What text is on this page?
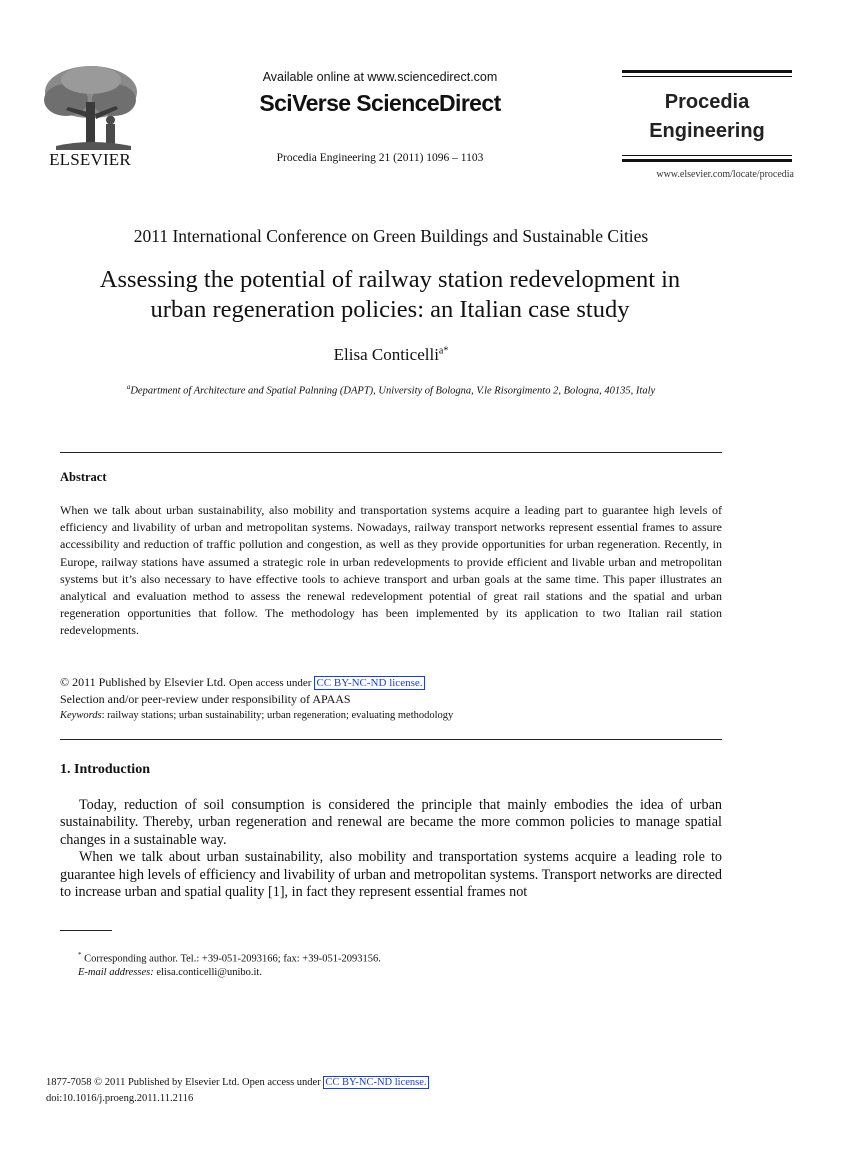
ELSEVIER
Available online at www.sciencedirect.com
SciVerse ScienceDirect
Procedia Engineering 21 (2011) 1096 – 1103
Procedia
Engineering
www.elsevier.com/locate/procedia
2011 International Conference on Green Buildings and Sustainable Cities
Assessing the potential of railway station redevelopment in
urban regeneration policies: an Italian case study
Elisa Conticelli$^{a*}$
$^a$Department of Architecture and Spatial Palnning (DAPT), University of Bologna, V.le Risorgimento 2, Bologna, 40135, Italy
Abstract
When we talk about urban sustainability, also mobility and transportation systems acquire a leading part to guarantee high levels of efficiency and livability of urban and metropolitan systems. Nowadays, railway transport networks represent essential frames to assure accessibility and reduction of traffic pollution and congestion, as well as they provide opportunities for urban regeneration. Recently, in Europe, railway stations have assumed a strategic role in urban redevelopments to provide efficient and livable urban and metropolitan systems but it’s also necessary to have effective tools to achieve transport and urban goals at the same time. This paper illustrates an analytical and evaluation method to assess the renewal redevelopment potential of great rail stations and the spatial and urban regeneration opportunities that follow. The methodology has been implemented by its application to two Italian rail station redevelopments.
© 2011 Published by Elsevier Ltd. Open access under CC BY-NC-ND license.
Selection and/or peer-review under responsibility of APAAS
Keywords: railway stations; urban sustainability; urban regeneration; evaluating methodology
1. Introduction

Today, reduction of soil consumption is considered the principle that mainly embodies the idea of urban sustainability. Thereby, urban regeneration and renewal are became the more common policies to manage spatial changes in a sustainable way.

When we talk about urban sustainability, also mobility and transportation systems acquire a leading role to guarantee high levels of efficiency and livability of urban and metropolitan systems. Transport networks are directed to increase urban and spatial quality [1], in fact they represent essential frames not

* Corresponding author. Tel.: +39-051-2093166; fax: +39-051-2093156.
E-mail addresses: elisa.conticelli@unibo.it.
1877-7058 © 2011 Published by Elsevier Ltd. Open access under CC BY-NC-ND license.
doi:10.1016/j.proeng.2011.11.2116
